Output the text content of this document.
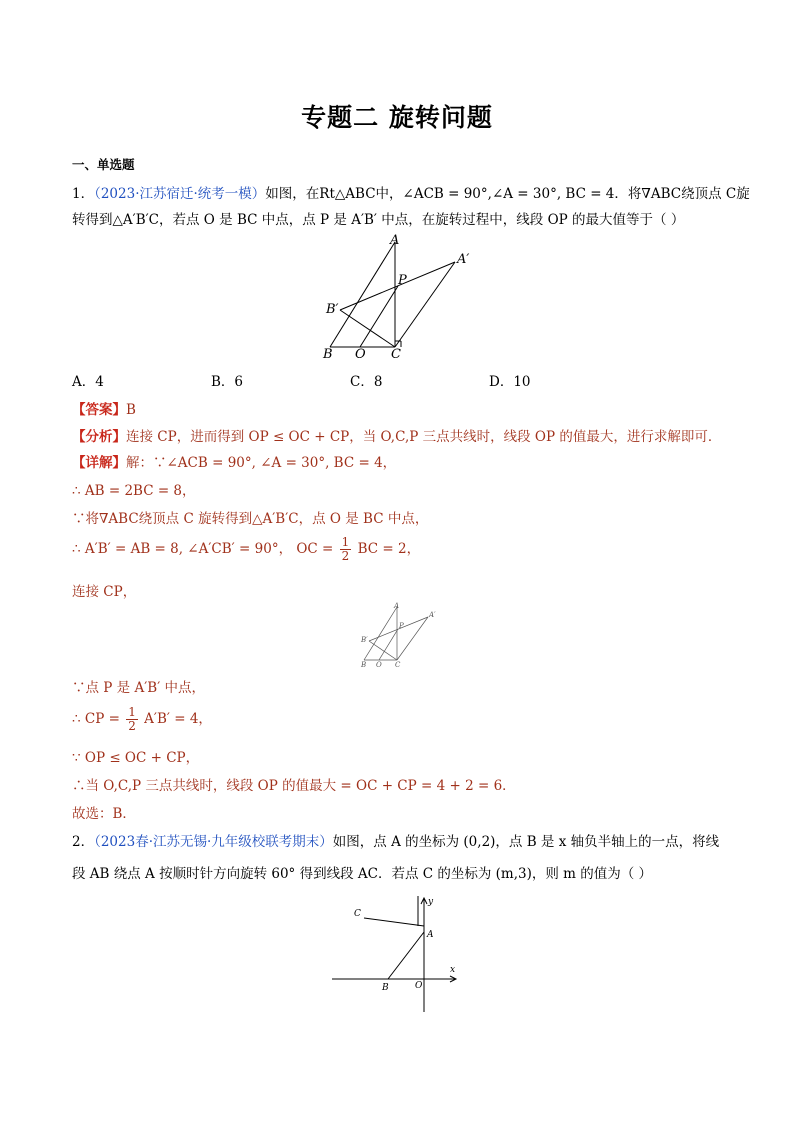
专题二 旋转问题
一、单选题
1．（2023·江苏宿迁·统考一模）如图，在Rt△ABC中，∠ACB = 90°,∠A = 30°, BC = 4．将∇ABC绕顶点 C旋
转得到△A′B′C，若点 O 是 BC 中点，点 P 是 A′B′ 中点，在旋转过程中，线段 OP 的最大值等于（ ）
A
A′
B′
P
B O C
A．4	B．6	C．8	D．10
【答案】B
【分析】连接 CP，进而得到 OP ≤ OC + CP，当 O,C,P 三点共线时，线段 OP 的值最大，进行求解即可．
【详解】解：∵∠ACB = 90°, ∠A = 30°, BC = 4，
∴ AB = 2BC = 8，
∵将∇ABC绕顶点 C 旋转得到△A′B′C，点 O 是 BC 中点，
∴ A′B′ = AB = 8, ∠A′CB′ = 90°， OC = $\frac{1}{2}$ BC = 2，
连接 CP，
A
A′
B′
P
B O C
∵点 P 是 A′B′ 中点，
∴ CP = $\frac{1}{2} A'B' = 4$，
∵ OP ≤ OC + CP，
∴当 O,C,P 三点共线时，线段 OP 的值最大 = OC + CP = 4 + 2 = 6．
故选：B．
2．（2023春·江苏无锡·九年级校联考期末）如图，点 A 的坐标为 (0,2)，点 B 是 x 轴负半轴上的一点，将线
段 AB 绕点 A 按顺时针方向旋转 60° 得到线段 AC．若点 C 的坐标为 (m,3)，则 m 的值为（ ）
C
A
B	O
x
y
